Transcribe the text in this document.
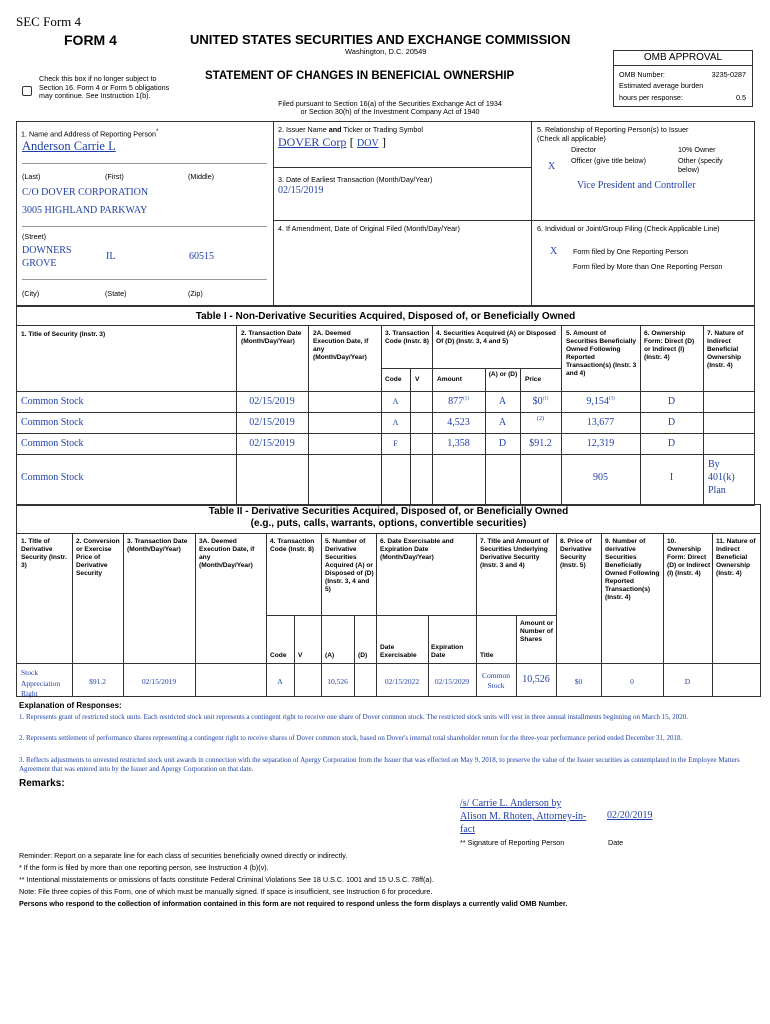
SEC Form 4
FORM 4	UNITED STATES SECURITIES AND EXCHANGE COMMISSION
Washington, D.C. 20549
Check this box if no longer subject to Section 16. Form 4 or Form 5 obligations may continue. See Instruction 1(b).
STATEMENT OF CHANGES IN BENEFICIAL OWNERSHIP
Filed pursuant to Section 16(a) of the Securities Exchange Act of 1934
or Section 30(h) of the Investment Company Act of 1940
OMB APPROVAL
OMB Number:	3235-0287
Estimated average burden
hours per response:	0.5
1. Name and Address of Reporting Person*
Anderson Carrie L
(Last)	(First)	(Middle)
C/O DOVER CORPORATION
3005 HIGHLAND PARKWAY
(Street)
DOWNERS GROVE
IL	60515
(City)	(State)	(Zip)
2. Issuer Name and Ticker or Trading Symbol
DOVER Corp [ DOV ]
3. Date of Earliest Transaction (Month/Day/Year)
02/15/2019
4. If Amendment, Date of Original Filed (Month/Day/Year)
5. Relationship of Reporting Person(s) to Issuer
(Check all applicable)
Director	10% Owner
X
Officer (give title below)	Other (specify below)
Vice President and Controller
6. Individual or Joint/Group Filing (Check Applicable Line)
X Form filed by One Reporting Person
Form filed by More than One Reporting Person
Table I - Non-Derivative Securities Acquired, Disposed of, or Beneficially Owned
1. Title of Security (Instr. 3)	2. Transaction Date (Month/Day/Year)
2A. Deemed Execution Date, if any (Month/Day/Year)
3. Transaction Code (Instr. 8)
4. Securities Acquired (A) or Disposed Of (D) (Instr. 3, 4 and 5)
5. Amount of Securities Beneficially Owned Following Reported Transaction(s) (Instr. 3 and 4)
6. Ownership Form: Direct (D) or Indirect (I) (Instr. 4)
7. Nature of Indirect Beneficial Ownership (Instr. 4)
Code V	Amount
(A) or (D)
Price
Common Stock	02/15/2019	A	877$^{(1)}$	A	$0$^{(1)}$	9,154$^{(3)}$	D
Common Stock	02/15/2019	A	4,523	A	(2)	13,677	D
Common Stock	02/15/2019	F	1,358	D	$91.2	12,319	D
Common Stock	905	I
By 401(k) Plan
Table II - Derivative Securities Acquired, Disposed of, or Beneficially Owned
(e.g., puts, calls, warrants, options, convertible securities)
1. Title of Derivative Security (Instr. 3)
2. Conversion or Exercise Price of Derivative Security
3. Transaction Date (Month/Day/Year)
3A. Deemed Execution Date, if any (Month/Day/Year)
4. Transaction Code (Instr. 8)
5. Number of Derivative Securities Acquired (A) or Disposed of (D) (Instr. 3, 4 and 5)
6. Date Exercisable and Expiration Date (Month/Day/Year)
7. Title and Amount of Securities Underlying Derivative Security (Instr. 3 and 4)
8. Price of Derivative Security (Instr. 5)
9. Number of derivative Securities Beneficially Owned Following Reported Transaction(s) (Instr. 4)
10. Ownership Form: Direct (D) or Indirect (I) (Instr. 4)
11. Nature of Indirect Beneficial Ownership (Instr. 4)
Code V	(A)	(D)
Date Exercisable
Expiration Date	Title
Amount or Number of Shares
Stock Appreciation Right
$91.2	02/15/2019	A	10,526	02/15/2022	02/15/2029
Common Stock
10,526	$0	0	D
Explanation of Responses:
1. Represents grant of restricted stock units. Each restricted stock unit represents a contingent right to receive one share of Dover common stock. The restricted stock units will vest in three annual installments beginning on March 15, 2020.
2. Represents settlement of performance shares representing a contingent right to receive shares of Dover common stock, based on Dover's internal total shareholder return for the three-year performance period ended December 31, 2018.
3. Reflects adjustments to unvested restricted stock unit awards in connection with the separation of Apergy Corporation from the Issuer that was effected on May 9, 2018, to preserve the value of the Issuer securities as contemplated in the Employee Matters Agreement that was entered into by the Issuer and Apergy Corporation on that date.
Remarks:
/s/ Carrie L. Anderson by
Alison M. Rhoten, Attorney-in-
fact
02/20/2019
** Signature of Reporting Person	Date
Reminder: Report on a separate line for each class of securities beneficially owned directly or indirectly.
* If the form is filed by more than one reporting person, see Instruction 4 (b)(v).
** Intentional misstatements or omissions of facts constitute Federal Criminal Violations See 18 U.S.C. 1001 and 15 U.S.C. 78ff(a).
Note: File three copies of this Form, one of which must be manually signed. If space is insufficient, see Instruction 6 for procedure.
Persons who respond to the collection of information contained in this form are not required to respond unless the form displays a currently valid OMB Number.
